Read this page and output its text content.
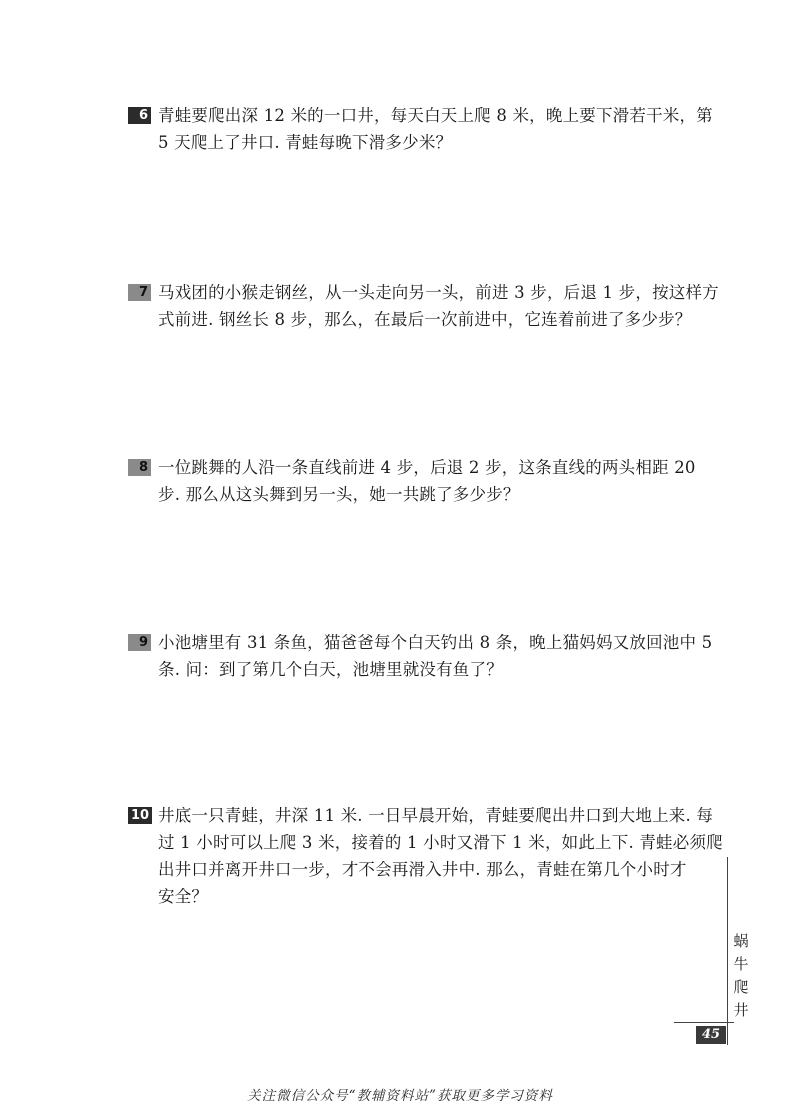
6 青蛙要爬出深 12 米的一口井，每天白天上爬 8 米，晚上要下滑若干米，第
5 天爬上了井口. 青蛙每晚下滑多少米？
7 马戏团的小猴走钢丝，从一头走向另一头，前进 3 步，后退 1 步，按这样方
式前进. 钢丝长 8 步，那么，在最后一次前进中，它连着前进了多少步？
8 一位跳舞的人沿一条直线前进 4 步，后退 2 步，这条直线的两头相距 20
步. 那么从这头舞到另一头，她一共跳了多少步？
9 小池塘里有 31 条鱼，猫爸爸每个白天钓出 8 条，晚上猫妈妈又放回池中 5
条. 问：到了第几个白天，池塘里就没有鱼了？
10 井底一只青蛙，井深 11 米. 一日早晨开始，青蛙要爬出井口到大地上来. 每
过 1 小时可以上爬 3 米，接着的 1 小时又滑下 1 米，如此上下. 青蛙必须爬
出井口并离开井口一步，才不会再滑入井中. 那么，青蛙在第几个小时才
安全？
蜗
牛
爬
井
45
关注微信公众号“教辅资料站”获取更多学习资料
